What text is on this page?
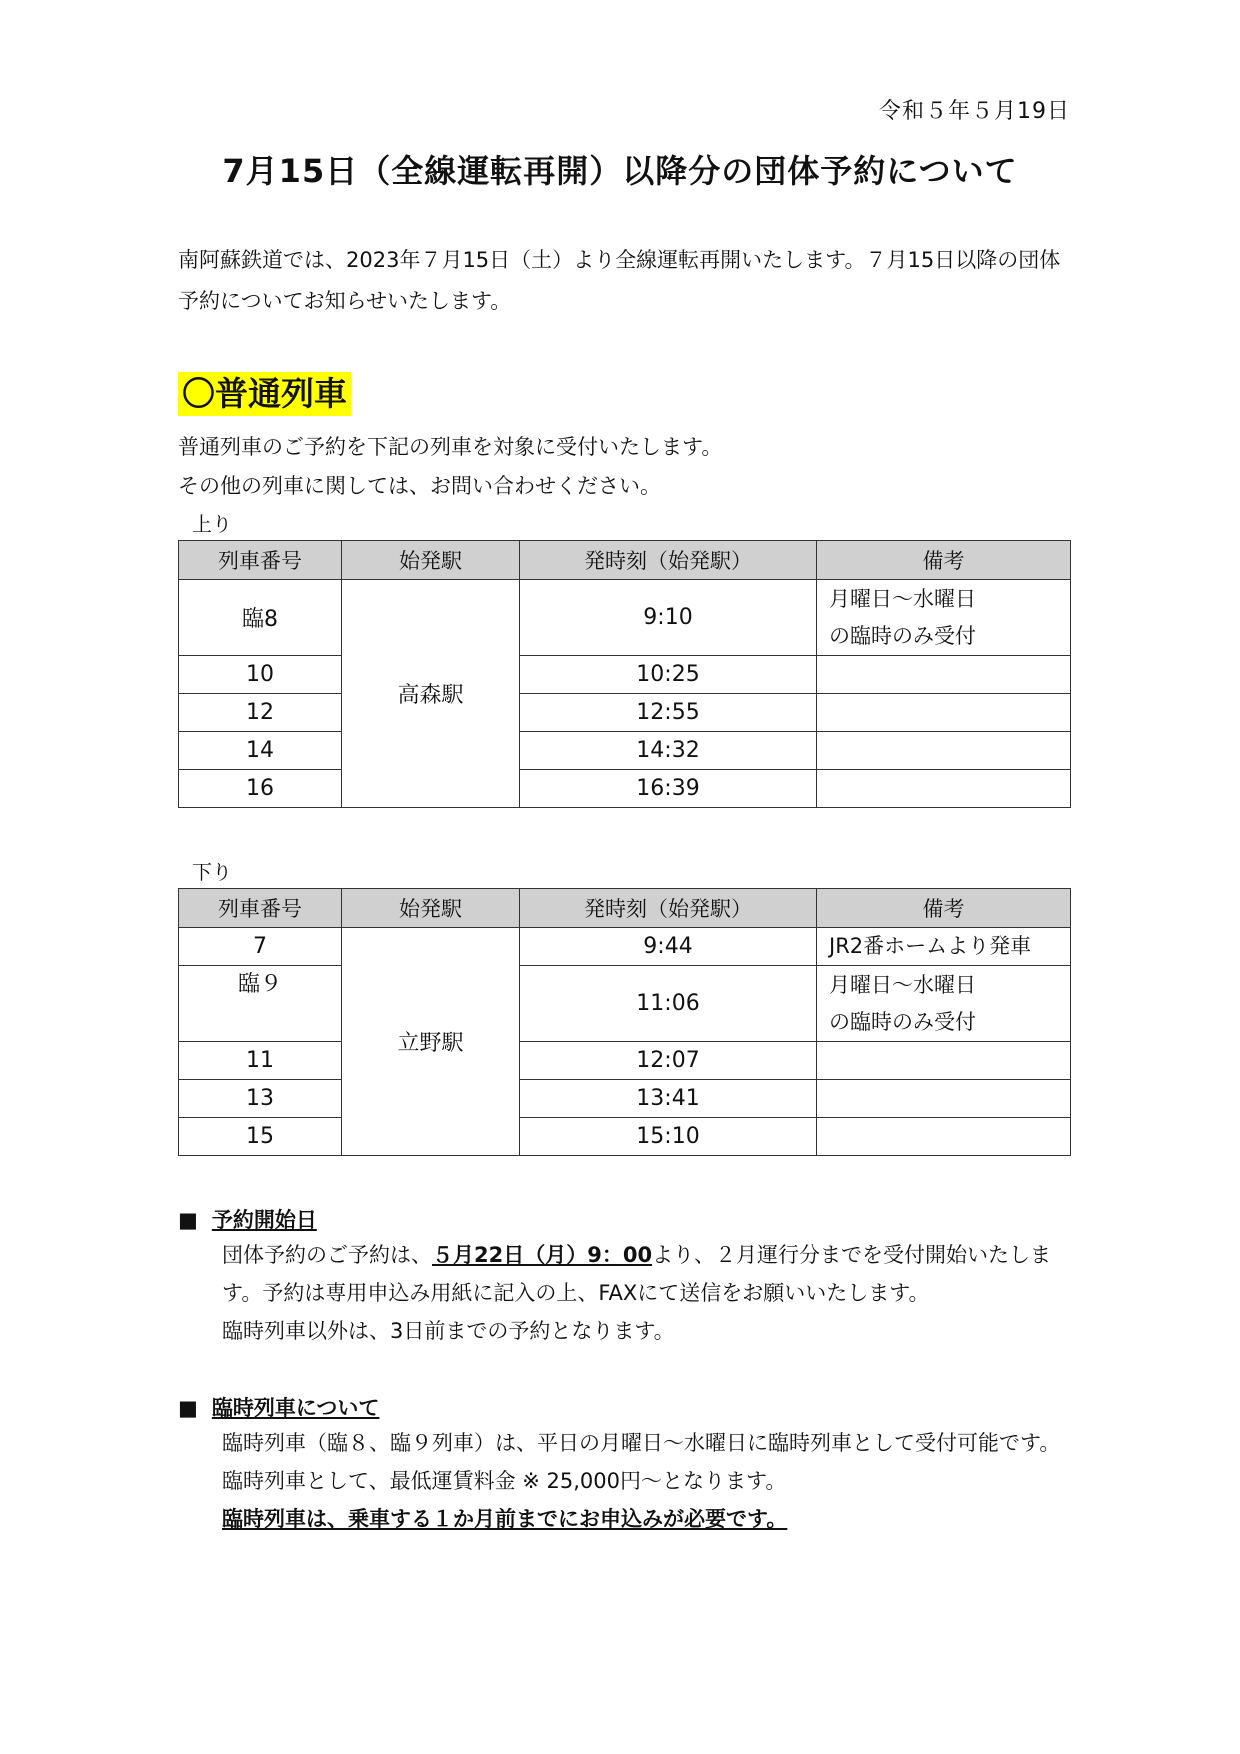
令和５年５月19日
7月15日（全線運転再開）以降分の団体予約について
南阿蘇鉄道では、2023年７月15日（土）より全線運転再開いたします。７月15日以降の団体予約についてお知らせいたします。
〇普通列車
普通列車のご予約を下記の列車を対象に受付いたします。
その他の列車に関しては、お問い合わせください。
上り
列車番号	始発駅	発時刻（始発駅）	備考
臨8	高森駅	9:10	月曜日～水曜日
の臨時のみ受付

10		10:25	
12		12:55	
14		14:32	
16		16:39	
下り
列車番号	始発駅	発時刻（始発駅）	備考
7	立野駅	9:44	JR2番ホームより発車
臨９		11:06	月曜日～水曜日
の臨時のみ受付

11		12:07	
13		13:41	
15		15:10	
■ 予約開始日
団体予約のご予約は、５月22日（月）9：00より、２月運行分までを受付開始いたします。予約は専用申込み用紙に記入の上、FAXにて送信をお願いいたします。
臨時列車以外は、3日前までの予約となります。
■ 臨時列車について
臨時列車（臨８、臨９列車）は、平日の月曜日～水曜日に臨時列車として受付可能です。
臨時列車として、最低運賃料金 ※ 25,000円～となります。
臨時列車は、乗車する１か月前までにお申込みが必要です。
